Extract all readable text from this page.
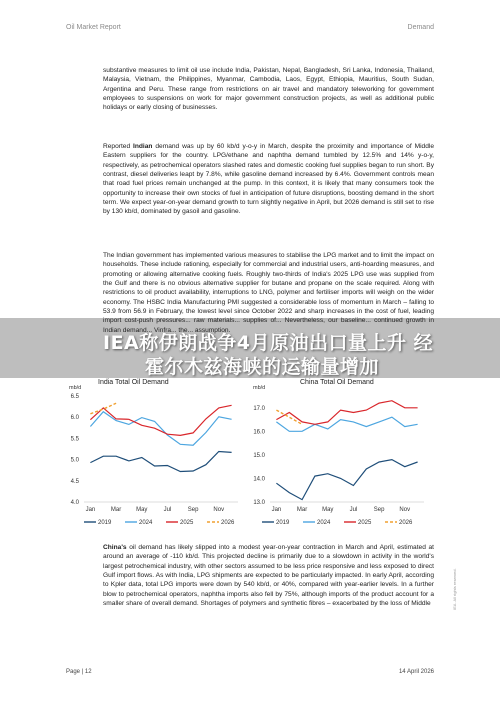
Oil Market Report	Demand
substantive measures to limit oil use include India, Pakistan, Nepal, Bangladesh, Sri Lanka, Indonesia, Thailand, Malaysia, Vietnam, the Philippines, Myanmar, Cambodia, Laos, Egypt, Ethiopia, Mauritius, South Sudan, Argentina and Peru. These range from restrictions on air travel and mandatory teleworking for government employees to suspensions on work for major government construction projects, as well as additional public holidays or early closing of businesses.
Reported Indian demand was up by 60 kb/d y-o-y in March, despite the proximity and importance of Middle Eastern suppliers for the country. LPG/ethane and naphtha demand tumbled by 12.5% and 14% y-o-y, respectively, as petrochemical operators slashed rates and domestic cooking fuel supplies began to run short. By contrast, diesel deliveries leapt by 7.8%, while gasoline demand increased by 6.4%. Government controls mean that road fuel prices remain unchanged at the pump. In this context, it is likely that many consumers took the opportunity to increase their own stocks of fuel in anticipation of future disruptions, boosting demand in the short term. We expect year-on-year demand growth to turn slightly negative in April, but 2026 demand is still set to rise by 130 kb/d, dominated by gasoil and gasoline.
The Indian government has implemented various measures to stabilise the LPG market and to limit the impact on households. These include rationing, especially for commercial and industrial users, anti-hoarding measures, and promoting or allowing alternative cooking fuels. Roughly two-thirds of India's 2025 LPG use was supplied from the Gulf and there is no obvious alternative supplier for butane and propane on the scale required. Along with restrictions to oil product availability, interruptions to LNG, polymer and fertiliser imports will weigh on the wider economy. The HSBC India Manufacturing PMI suggested a considerable loss of momentum in March – falling to 53.9 from 56.9 in February, the lowest level since October 2022 and sharp increases in the cost of fuel, leading import cost-push pressures... raw materials... supplies of... Nevertheless, our baseline... continued growth in Indian demand... Vinfra... the... assumption.
India Total Oil Demand
mb/d
4.0
4.5
5.0
5.5
6.0
6.5
Jan	Mar May	Jul	Sep Nov
China Total Oil Demand
mb/d
13.0
14.0
15.0
16.0
17.0
Jan	Mar May	Jul	Sep Nov
2019	2024	2025	2026	2019	2024	2025	2026
China's oil demand has likely slipped into a modest year-on-year contraction in March and April, estimated at around an average of -110 kb/d. This projected decline is primarily due to a slowdown in activity in the world's largest petrochemical industry, with other sectors assumed to be less price responsive and less exposed to direct Gulf import flows. As with India, LPG shipments are expected to be particularly impacted. In early April, according to Kpler data, total LPG imports were down by 540 kb/d, or 40%, compared with year-earlier levels. In a further blow to petrochemical operators, naphtha imports also fell by 75%, although imports of the product account for a smaller share of overall demand. Shortages of polymers and synthetic fibres – exacerbated by the loss of Middle
IEA称伊朗战争4月原油出口量上升 经
霍尔木兹海峡的运输量增加
Page | 12	14 April 2026
IEA. All rights reserved.
